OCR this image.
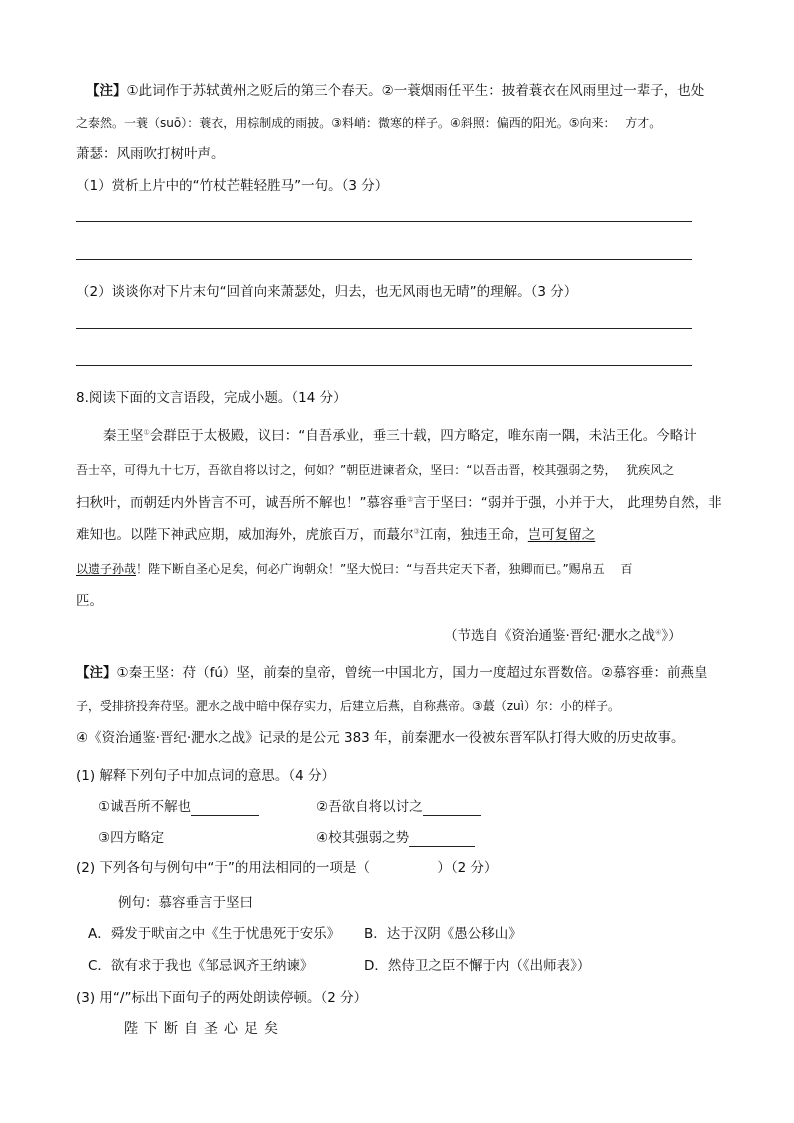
【注】①此词作于苏轼黄州之贬后的第三个春天。②一蓑烟雨任平生：披着蓑衣在风雨里过一辈子，也处
之泰然。一蓑（suō）：蓑衣，用棕制成的雨披。③料峭：微寒的样子。④斜照：偏西的阳光。⑤向来：　 方才。
萧瑟：风雨吹打树叶声。
（1）赏析上片中的“竹杖芒鞋轻胜马”一句。（3 分）
（2）谈谈你对下片末句“回首向来萧瑟处，归去，也无风雨也无晴”的理解。（3 分）
8.阅读下面的文言语段，完成小题。（14 分）
秦王坚①会群臣于太极殿，议曰：“自吾承业，垂三十载，四方略定，唯东南一隅，未沾王化。今略计
吾士卒，可得九十七万，吾欲自将以讨之，何如？”朝臣进谏者众，坚曰：“以吾击晋，校其强弱之势，　 犹疾风之
扫秋叶，而朝廷内外皆言不可，诚吾所不解也！”慕容垂②言于坚曰：“弱并于强，小并于大， 此理势自然，非
难知也。以陛下神武应期，威加海外，虎旅百万，而蕞尔③江南，独违王命，岂可复留之
以遗子孙哉！陛下断自圣心足矣，何必广询朝众！”坚大悦曰：“与吾共定天下者，独卿而已。”赐帛五　 百
匹。
（节选自《资治通鉴·晋纪·淝水之战④》）
【注】①秦王坚：苻（fú）坚，前秦的皇帝，曾统一中国北方，国力一度超过东晋数倍。②慕容垂：前燕皇
子，受排挤投奔苻坚。淝水之战中暗中保存实力，后建立后燕，自称燕帝。③蕞（zuì）尔：小的样子。
④《资治通鉴·晋纪·淝水之战》记录的是公元 383 年，前秦淝水一役被东晋军队打得大败的历史故事。
(1) 解释下列句子中加点词的意思。（4 分）
①诚吾所不解也	②吾欲自将以讨之
③四方略定	④校其强弱之势
(2) 下列各句与例句中“于”的用法相同的一项是（　　　　　）（2 分）
例句：慕容垂言于坚曰
A．舜发于畎亩之中《生于忧患死于安乐》 B．达于汉阴《愚公移山》
C．欲有求于我也《邹忌讽齐王纳谏》	D．然侍卫之臣不懈于内（《出师表》）
(3) 用“/”标出下面句子的两处朗读停顿。（2 分）
陛下断自圣心足矣
